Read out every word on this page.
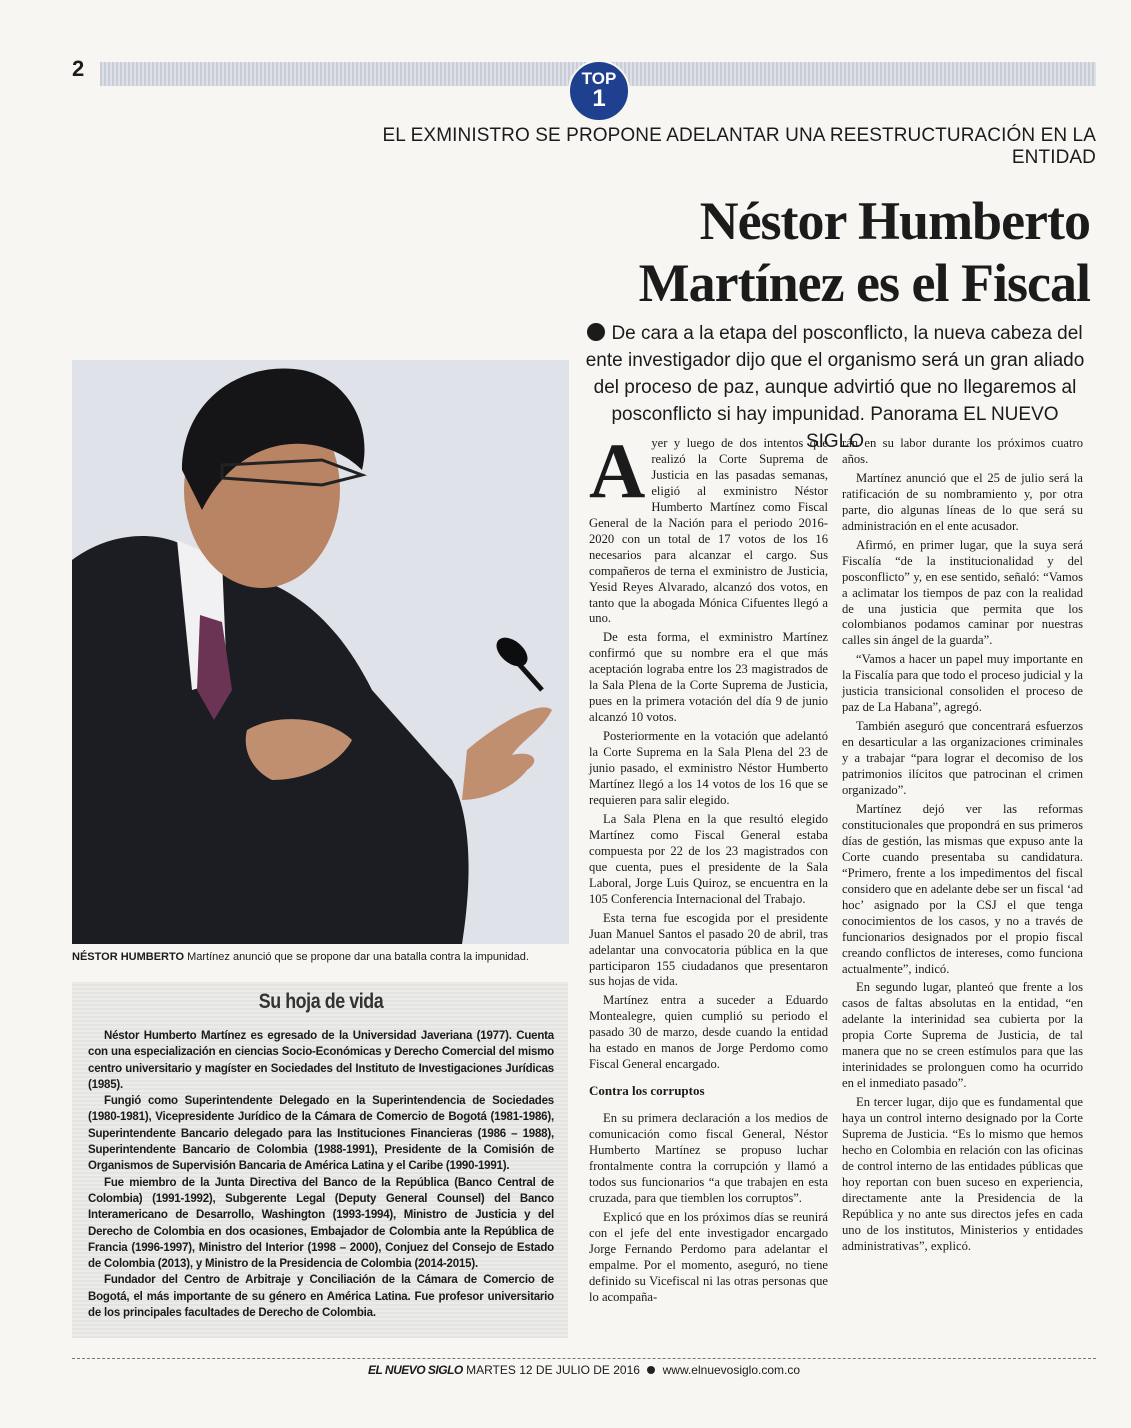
2	TOP
1
EL EXMINISTRO SE PROPONE ADELANTAR UNA REESTRUCTURACIÓN EN LA ENTIDAD
Néstor Humberto Martínez es el Fiscal
De cara a la etapa del posconflicto, la nueva cabeza del ente investigador dijo que el organismo será un gran aliado del proceso de paz, aunque advirtió que no llegaremos al posconflicto si hay impunidad. Panorama EL NUEVO SIGLO
NÉSTOR HUMBERTO Martínez anunció que se propone dar una batalla contra la impunidad.
Su hoja de vida

Néstor Humberto Martínez es egresado de la Universidad Javeriana (1977). Cuenta con una especialización en ciencias Socio-Económicas y Derecho Comercial del mismo centro universitario y magíster en Sociedades del Instituto de Investigaciones Jurídicas (1985).

Fungió como Superintendente Delegado en la Superintendencia de Sociedades (1980-1981), Vicepresidente Jurídico de la Cámara de Comercio de Bogotá (1981-1986), Superintendente Bancario delegado para las Instituciones Financieras (1986 – 1988), Superintendente Bancario de Colombia (1988-1991), Presidente de la Comisión de Organismos de Supervisión Bancaria de América Latina y el Caribe (1990-1991).

Fue miembro de la Junta Directiva del Banco de la República (Banco Central de Colombia) (1991-1992), Subgerente Legal (Deputy General Counsel) del Banco Interamericano de Desarrollo, Washington (1993-1994), Ministro de Justicia y del Derecho de Colombia en dos ocasiones, Embajador de Colombia ante la República de Francia (1996-1997), Ministro del Interior (1998 – 2000), Conjuez del Consejo de Estado de Colombia (2013), y Ministro de la Presidencia de Colombia (2014-2015).

Fundador del Centro de Arbitraje y Conciliación de la Cámara de Comercio de Bogotá, el más importante de su género en América Latina. Fue profesor universitario de los principales facultades de Derecho de Colombia.

A yer y luego de dos intentos que realizó la Corte Suprema de Justicia en las pasadas semanas, eligió al exministro Néstor Humberto Martínez como Fiscal General de la Nación para el periodo 2016-2020 con un total de 17 votos de los 16 necesarios para alcanzar el cargo. Sus compañeros de terna el exministro de Justicia, Yesid Reyes Alvarado, alcanzó dos votos, en tanto que la abogada Mónica Cifuentes llegó a uno.

De esta forma, el exministro Martínez confirmó que su nombre era el que más aceptación lograba entre los 23 magistrados de la Sala Plena de la Corte Suprema de Justicia, pues en la primera votación del día 9 de junio alcanzó 10 votos.

Posteriormente en la votación que adelantó la Corte Suprema en la Sala Plena del 23 de junio pasado, el exministro Néstor Humberto Martínez llegó a los 14 votos de los 16 que se requieren para salir elegido.

La Sala Plena en la que resultó elegido Martínez como Fiscal General estaba compuesta por 22 de los 23 magistrados con que cuenta, pues el presidente de la Sala Laboral, Jorge Luis Quiroz, se encuentra en la 105 Conferencia Internacional del Trabajo.

Esta terna fue escogida por el presidente Juan Manuel Santos el pasado 20 de abril, tras adelantar una convocatoria pública en la que participaron 155 ciudadanos que presentaron sus hojas de vida.

Martínez entra a suceder a Eduardo Montealegre, quien cumplió su periodo el pasado 30 de marzo, desde cuando la entidad ha estado en manos de Jorge Perdomo como Fiscal General encargado.

Contra los corruptos

En su primera declaración a los medios de comunicación como fiscal General, Néstor Humberto Martínez se propuso luchar frontalmente contra la corrupción y llamó a todos sus funcionarios “a que trabajen en esta cruzada, para que tiemblen los corruptos”.

Explicó que en los próximos días se reunirá con el jefe del ente investigador encargado Jorge Fernando Perdomo para adelantar el empalme. Por el momento, aseguró, no tiene definido su Vicefiscal ni las otras personas que lo acompaña-

rán en su labor durante los próximos cuatro años.

Martínez anunció que el 25 de julio será la ratificación de su nombramiento y, por otra parte, dio algunas líneas de lo que será su administración en el ente acusador.

Afirmó, en primer lugar, que la suya será Fiscalía “de la institucionalidad y del posconflicto” y, en ese sentido, señaló: “Vamos a aclimatar los tiempos de paz con la realidad de una justicia que permita que los colombianos podamos caminar por nuestras calles sin ángel de la guarda”.

“Vamos a hacer un papel muy importante en la Fiscalía para que todo el proceso judicial y la justicia transicional consoliden el proceso de paz de La Habana”, agregó.

También aseguró que concentrará esfuerzos en desarticular a las organizaciones criminales y a trabajar “para lograr el decomiso de los patrimonios ilícitos que patrocinan el crimen organizado”.

Martínez dejó ver las reformas constitucionales que propondrá en sus primeros días de gestión, las mismas que expuso ante la Corte cuando presentaba su candidatura. “Primero, frente a los impedimentos del fiscal considero que en adelante debe ser un fiscal ‘ad hoc’ asignado por la CSJ el que tenga conocimientos de los casos, y no a través de funcionarios designados por el propio fiscal creando conflictos de intereses, como funciona actualmente”, indicó.

En segundo lugar, planteó que frente a los casos de faltas absolutas en la entidad, “en adelante la interinidad sea cubierta por la propia Corte Suprema de Justicia, de tal manera que no se creen estímulos para que las interinidades se prolonguen como ha ocurrido en el inmediato pasado”.

En tercer lugar, dijo que es fundamental que haya un control interno designado por la Corte Suprema de Justicia. “Es lo mismo que hemos hecho en Colombia en relación con las oficinas de control interno de las entidades públicas que hoy reportan con buen suceso en experiencia, directamente ante la Presidencia de la República y no ante sus directos jefes en cada uno de los institutos, Ministerios y entidades administrativas”, explicó.

EL NUEVO SIGLO MARTES 12 DE JULIO DE 2016 www.elnuevosiglo.com.co
